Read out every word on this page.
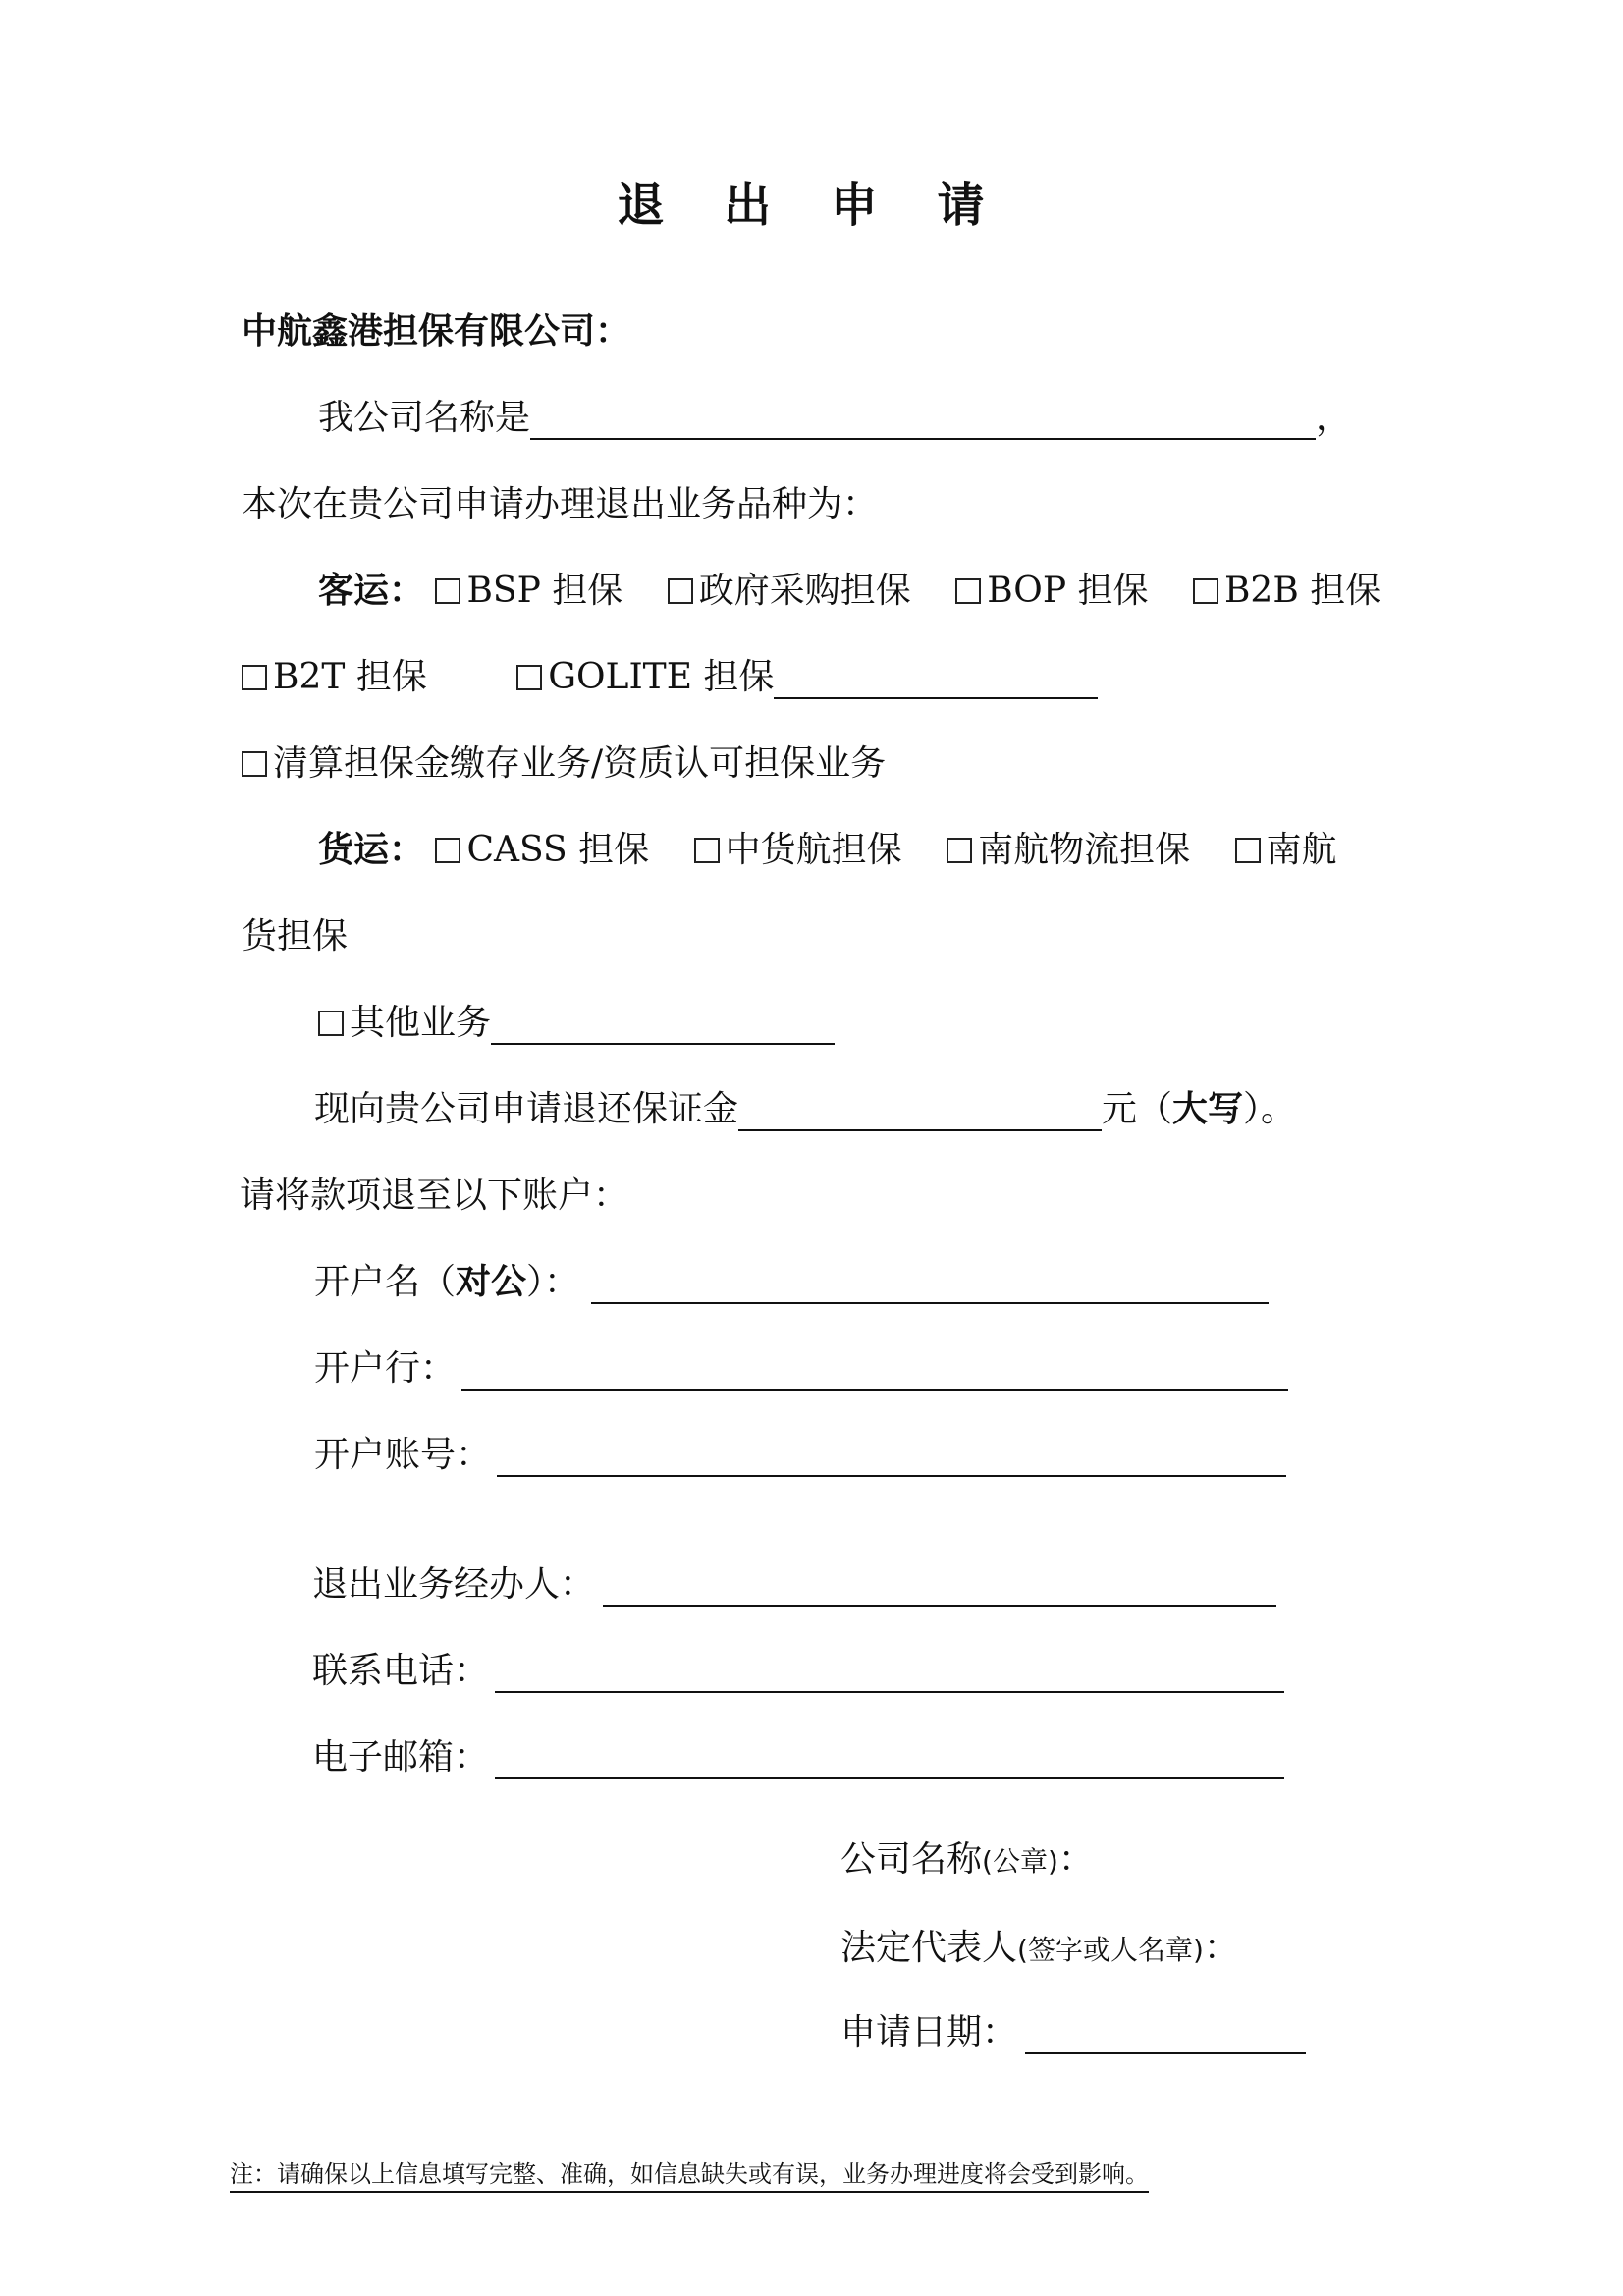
退 出 申 请
中航鑫港担保有限公司：
我公司名称是	，
本次在贵公司申请办理退出业务品种为：
客运： BSP 担保 政府采购担保 BOP 担保 B2B 担保
B2T 担保	GOLITE 担保
清算担保金缴存业务/资质认可担保业务
货运： CASS 担保 中货航担保 南航物流担保 南航
货担保
其他业务
现向贵公司申请退还保证金	元（大写）。
请将款项退至以下账户：
开户名（对公）：
开户行：
开户账号：
退出业务经办人：
联系电话：
电子邮箱：
公司名称(公章)：
法定代表人(签字或人名章)：
申请日期：
注：请确保以上信息填写完整、准确，如信息缺失或有误，业务办理进度将会受到影响。
